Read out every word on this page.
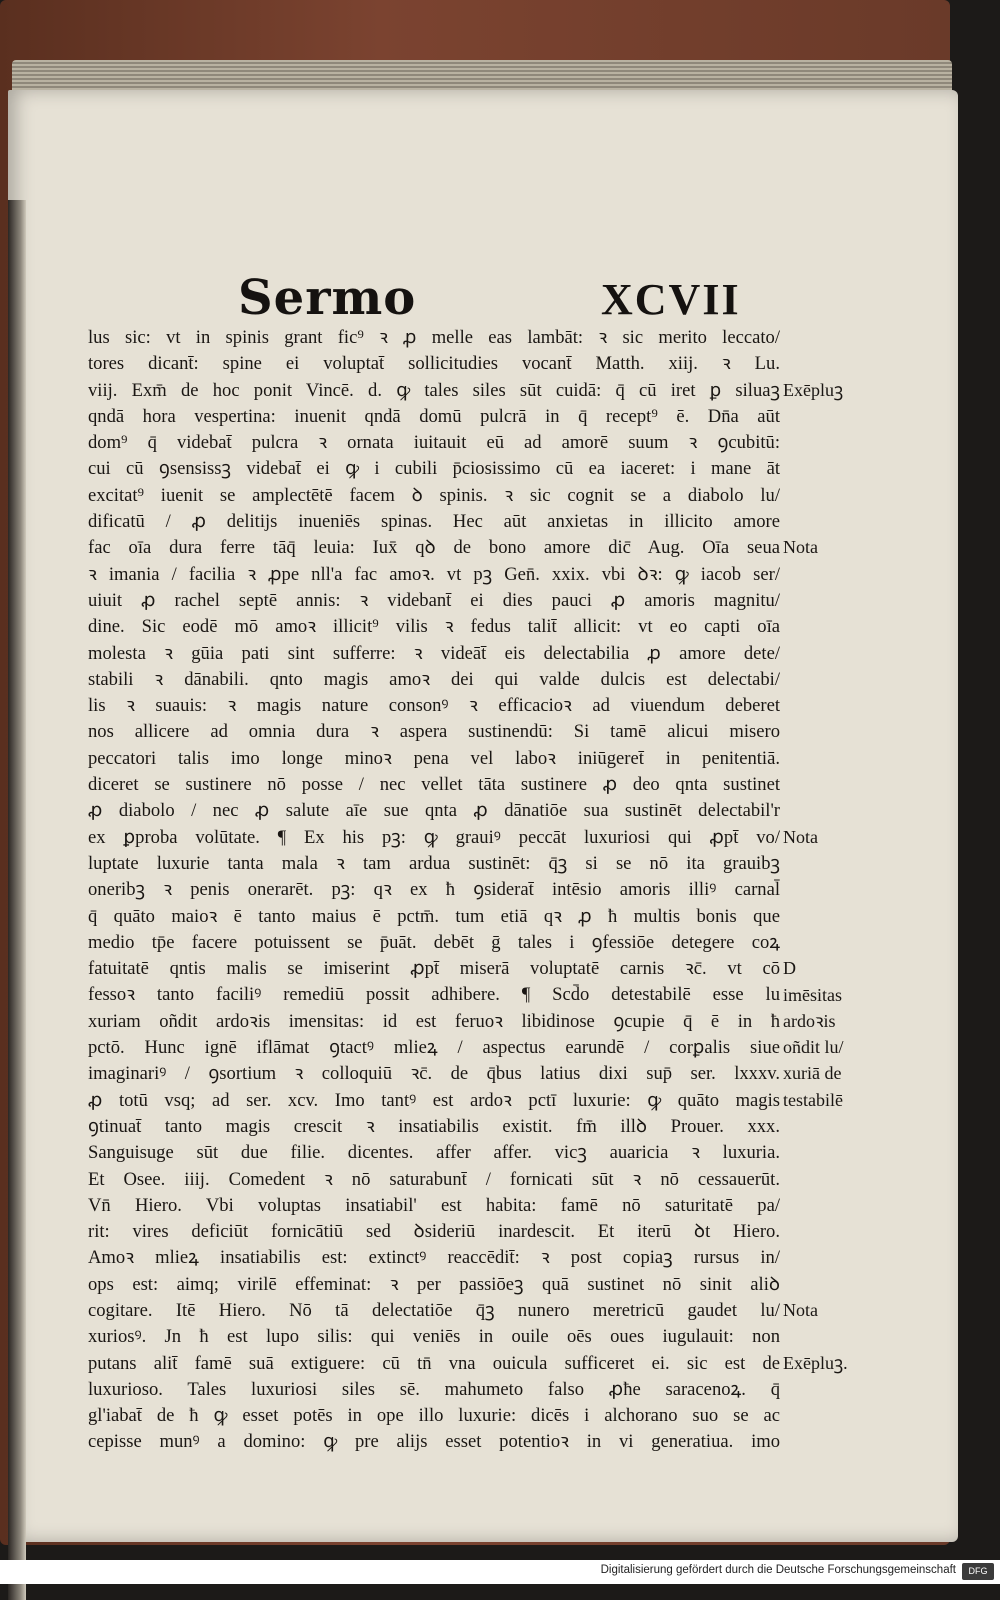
Sermo	XCVII
lus sic: vt in spinis grant fic⁹ ꝛ ꝓ melle eas lambāt: ꝛ sic merito leccato/
tores dicant̄: spine ei voluptat̄ sollicitudies vocant̄ Matth. xiij. ꝛ Lu.
viij. Exm̄ de hoc ponit Vincē. d. ꝙ tales siles sūt cuidā: q̄ cū iret ꝑ siluaꝫ
qndā hora vespertina: inuenit qndā domū pulcrā in q̄ recept⁹ ē. Dn̄a aūt
dom⁹ q̄ videbat̄ pulcra ꝛ ornata iuitauit eū ad amorē suum ꝛ ꝯcubitū:
cui cū ꝯsensissꝫ videbat̄ ei ꝙ i cubili p̄ciosissimo cū ea iaceret: i mane āt
excitat⁹ iuenit se amplectētē facem ꝺ spinis. ꝛ sic cognit se a diabolo lu/
dificatū / ꝓ delitijs inueniēs spinas. Hec aūt anxietas in illicito amore
fac oīa dura ferre tāq̄ leuia: Iux̄ qꝺ de bono amore dic̄ Aug. Oīa seua
ꝛ imania / facilia ꝛ ꝓpe nll'a fac amoꝛ. vt pꝫ Gen̄. xxix. vbi ꝺꝛ: ꝙ iacob ser/
uiuit ꝓ rachel septē annis: ꝛ videbant̄ ei dies pauci ꝓ amoris magnitu/
dine. Sic eodē mō amoꝛ illicit⁹ vilis ꝛ fedus talit̄ allicit: vt eo capti oīa
molesta ꝛ gūia pati sint sufferre: ꝛ videāt̄ eis delectabilia ꝓ amore dete/
stabili ꝛ dānabili. qnto magis amoꝛ dei qui valde dulcis est delectabi/
lis ꝛ suauis: ꝛ magis nature consonꝰ ꝛ efficacioꝛ ad viuendum deberet
nos allicere ad omnia dura ꝛ aspera sustinendū: Si tamē alicui misero
peccatori talis imo longe minoꝛ pena vel laboꝛ iniūgeret̄ in penitentiā.
diceret se sustinere nō posse / nec vellet tāta sustinere ꝓ deo qnta sustinet
ꝓ diabolo / nec ꝓ salute aīe sue qnta ꝓ dānatiōe sua sustinēt delectabil'r
ex ꝑproba volūtate. ¶ Ex his pꝫ: ꝙ grauiꝰ peccāt luxuriosi qui ꝓpt̄ vo/
luptate luxurie tanta mala ꝛ tam ardua sustinēt: q̄ꝫ si se nō ita grauibꝫ
oneribꝫ ꝛ penis onerarēt. pꝫ: qꝛ ex ħ ꝯsiderat̄ intēsio amoris illiꝰ carnal̄
q̄ quāto maioꝛ ē tanto maius ē pctm̄. tum etiā qꝛ ꝓ ħ multis bonis que
medio tp̄e facere potuissent se p̄uāt. debēt ḡ tales i ꝯfessiōe detegere coꝝ
fatuitatē qntis malis se imiserint ꝓpt̄ miserā voluptatē carnis ꝛc̄. vt cō
fessoꝛ tanto faciliꝰ remediū possit adhibere. ¶ Scd̄o detestabilē esse lu
xuriam oñdit ardoꝛis imensitas: id est feruoꝛ libidinose ꝯcupie q̄ ē in ħ
pctō. Hunc ignē iflāmat ꝯtactꝰ mlieꝝ / aspectus earundē / corꝑalis siue
imaginariꝰ / ꝯsortium ꝛ colloquiū ꝛc̄. de q̄bus latius dixi sup̄ ser. lxxxv.
ꝓ totū vsq; ad ser. xcv. Imo tantꝰ est ardoꝛ pctī luxurie: ꝙ quāto magis
ꝯtinuat̄ tanto magis crescit ꝛ insatiabilis existit. fm̄ illꝺ Prouer. xxx.
Sanguisuge sūt due filie. dicentes. affer affer. vicꝫ auaricia ꝛ luxuria.
Et Osee. iiij. Comedent ꝛ nō saturabunt̄ / fornicati sūt ꝛ nō cessauerūt.
Vn̄ Hiero. Vbi voluptas insatiabil' est habita: famē nō saturitatē pa/
rit: vires deficiūt fornicātiū sed ꝺsideriū inardescit. Et iterū ꝺt Hiero.
Amoꝛ mlieꝝ insatiabilis est: extinctꝰ reaccēdit̄: ꝛ post copiaꝫ rursus in/
ops est: aimq; virilē effeminat: ꝛ per passiōeꝫ quā sustinet nō sinit aliꝺ
cogitare. Itē Hiero. Nō tā delectatiōe q̄ꝫ nunero meretricū gaudet lu/
xuriosꝰ. Jn ħ est lupo silis: qui veniēs in ouile oēs oues iugulauit: non
putans alit̄ famē suā extiguere: cū tn̄ vna ouicula sufficeret ei. sic est de
luxurioso. Tales luxuriosi siles sē. mahumeto falso ꝓħe saracenoꝝ. q̄
gl'iabat̄ de ħ ꝙ esset potēs in ope illo luxurie: dicēs i alchorano suo se ac
cepisse munꝰ a domino: ꝙ pre alijs esset potentioꝛ in vi generatiua. imo
Exēpluꝫ
Nota
Nota
D
imēsitas
ardoꝛis
oñdit lu/
xuriā de
testabilē
Nota
Exēpluꝫ.
Digitalisierung gefördert durch die Deutsche Forschungsgemeinschaft	DFG
